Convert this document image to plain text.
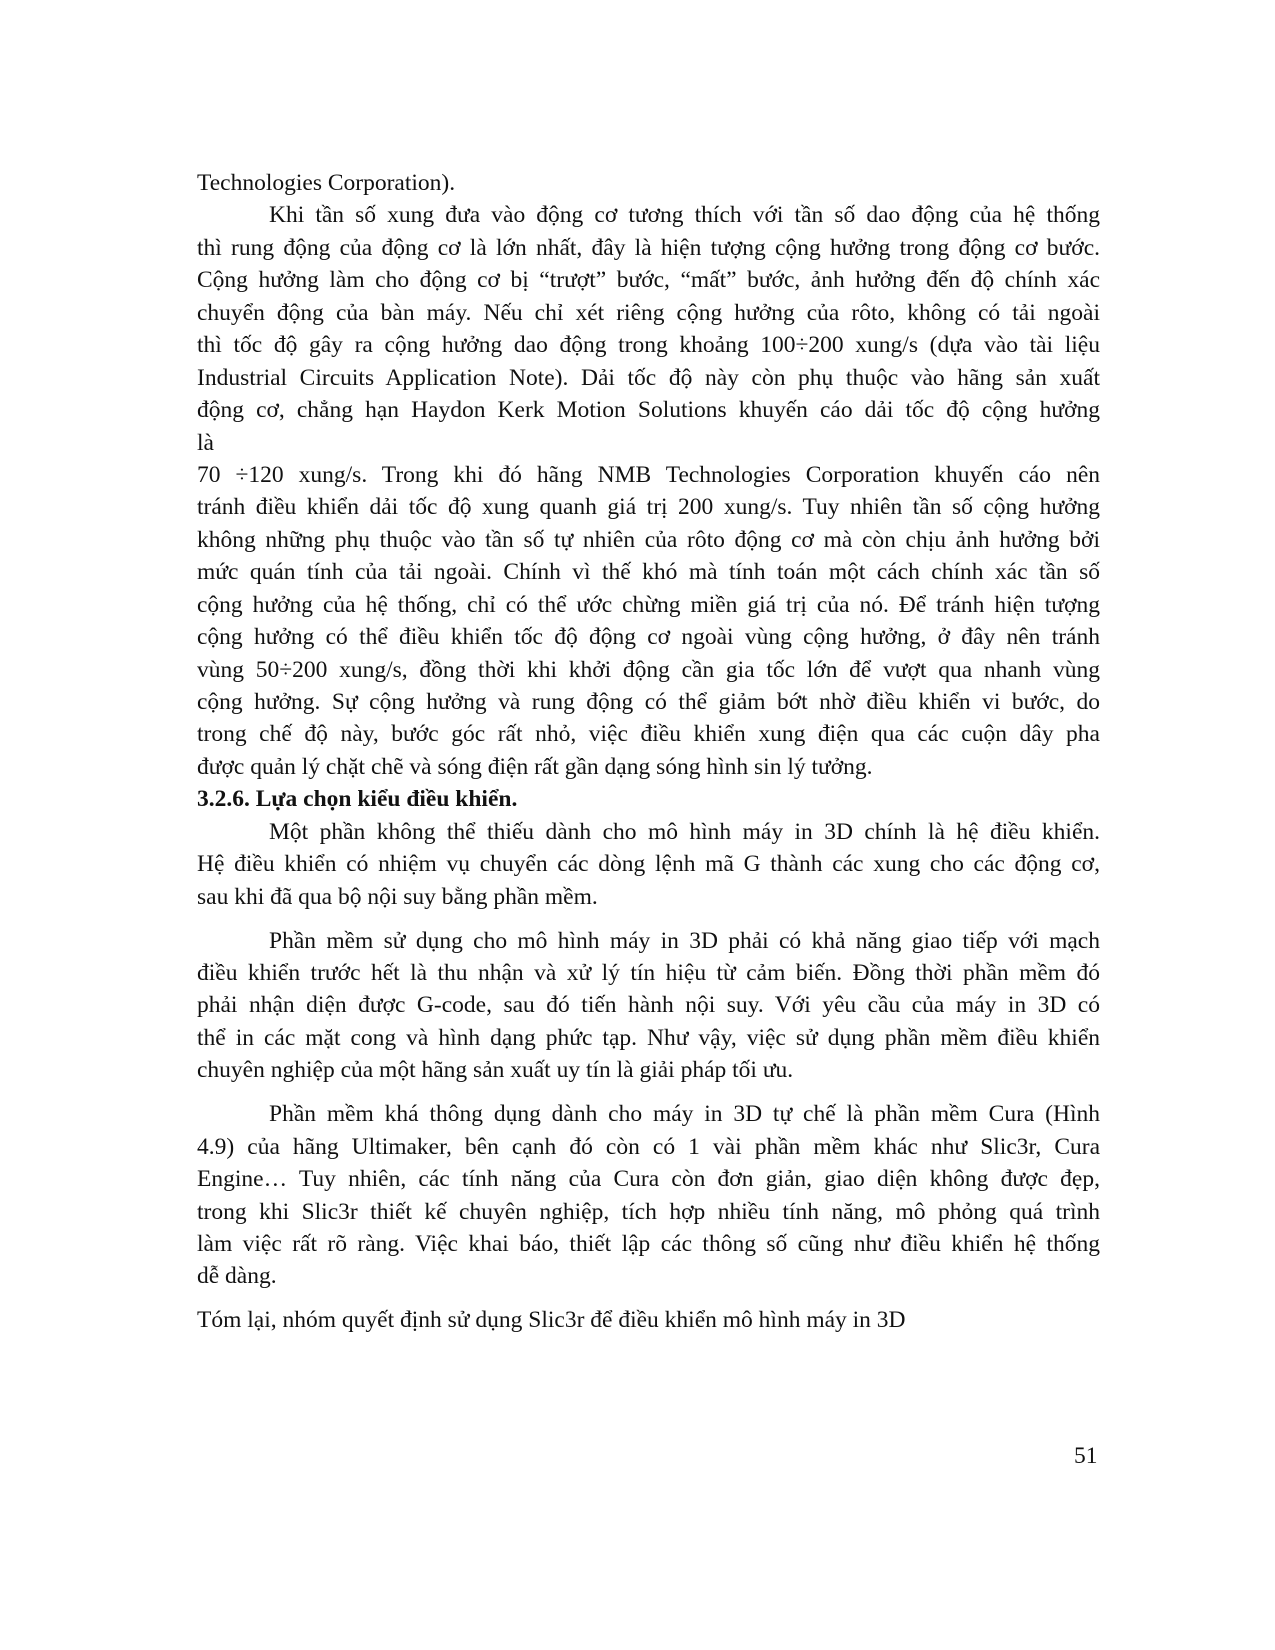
Technologies Corporation).
Khi tần số xung đưa vào động cơ tương thích với tần số dao động của hệ thống
thì rung động của động cơ là lớn nhất, đây là hiện tượng cộng hưởng trong động cơ bước.
Cộng hưởng làm cho động cơ bị “trượt” bước, “mất” bước, ảnh hưởng đến độ chính xác
chuyển động của bàn máy. Nếu chỉ xét riêng cộng hưởng của rôto, không có tải ngoài
thì tốc độ gây ra cộng hưởng dao động trong khoảng 100÷200 xung/s (dựa vào tài liệu
Industrial Circuits Application Note). Dải tốc độ này còn phụ thuộc vào hãng sản xuất
động cơ, chẳng hạn Haydon Kerk Motion Solutions khuyến cáo dải tốc độ cộng hưởng
là
70 ÷120 xung/s. Trong khi đó hãng NMB Technologies Corporation khuyến cáo nên
tránh điều khiển dải tốc độ xung quanh giá trị 200 xung/s. Tuy nhiên tần số cộng hưởng
không những phụ thuộc vào tần số tự nhiên của rôto động cơ mà còn chịu ảnh hưởng bởi
mức quán tính của tải ngoài. Chính vì thế khó mà tính toán một cách chính xác tần số
cộng hưởng của hệ thống, chỉ có thể ước chừng miền giá trị của nó. Để tránh hiện tượng
cộng hưởng có thể điều khiển tốc độ động cơ ngoài vùng cộng hưởng, ở đây nên tránh
vùng 50÷200 xung/s, đồng thời khi khởi động cần gia tốc lớn để vượt qua nhanh vùng
cộng hưởng. Sự cộng hưởng và rung động có thể giảm bớt nhờ điều khiển vi bước, do
trong chế độ này, bước góc rất nhỏ, việc điều khiển xung điện qua các cuộn dây pha
được quản lý chặt chẽ và sóng điện rất gần dạng sóng hình sin lý tưởng.
3.2.6. Lựa chọn kiểu điều khiển.
Một phần không thể thiếu dành cho mô hình máy in 3D chính là hệ điều khiển.
Hệ điều khiển có nhiệm vụ chuyển các dòng lệnh mã G thành các xung cho các động cơ,
sau khi đã qua bộ nội suy bằng phần mềm.
Phần mềm sử dụng cho mô hình máy in 3D phải có khả năng giao tiếp với mạch
điều khiển trước hết là thu nhận và xử lý tín hiệu từ cảm biến. Đồng thời phần mềm đó
phải nhận diện được G-code, sau đó tiến hành nội suy. Với yêu cầu của máy in 3D có
thể in các mặt cong và hình dạng phức tạp. Như vậy, việc sử dụng phần mềm điều khiển
chuyên nghiệp của một hãng sản xuất uy tín là giải pháp tối ưu.
Phần mềm khá thông dụng dành cho máy in 3D tự chế là phần mềm Cura (Hình
4.9) của hãng Ultimaker, bên cạnh đó còn có 1 vài phần mềm khác như Slic3r, Cura
Engine… Tuy nhiên, các tính năng của Cura còn đơn giản, giao diện không được đẹp,
trong khi Slic3r thiết kế chuyên nghiệp, tích hợp nhiều tính năng, mô phỏng quá trình
làm việc rất rõ ràng. Việc khai báo, thiết lập các thông số cũng như điều khiển hệ thống
dễ dàng.
Tóm lại, nhóm quyết định sử dụng Slic3r để điều khiển mô hình máy in 3D
51
